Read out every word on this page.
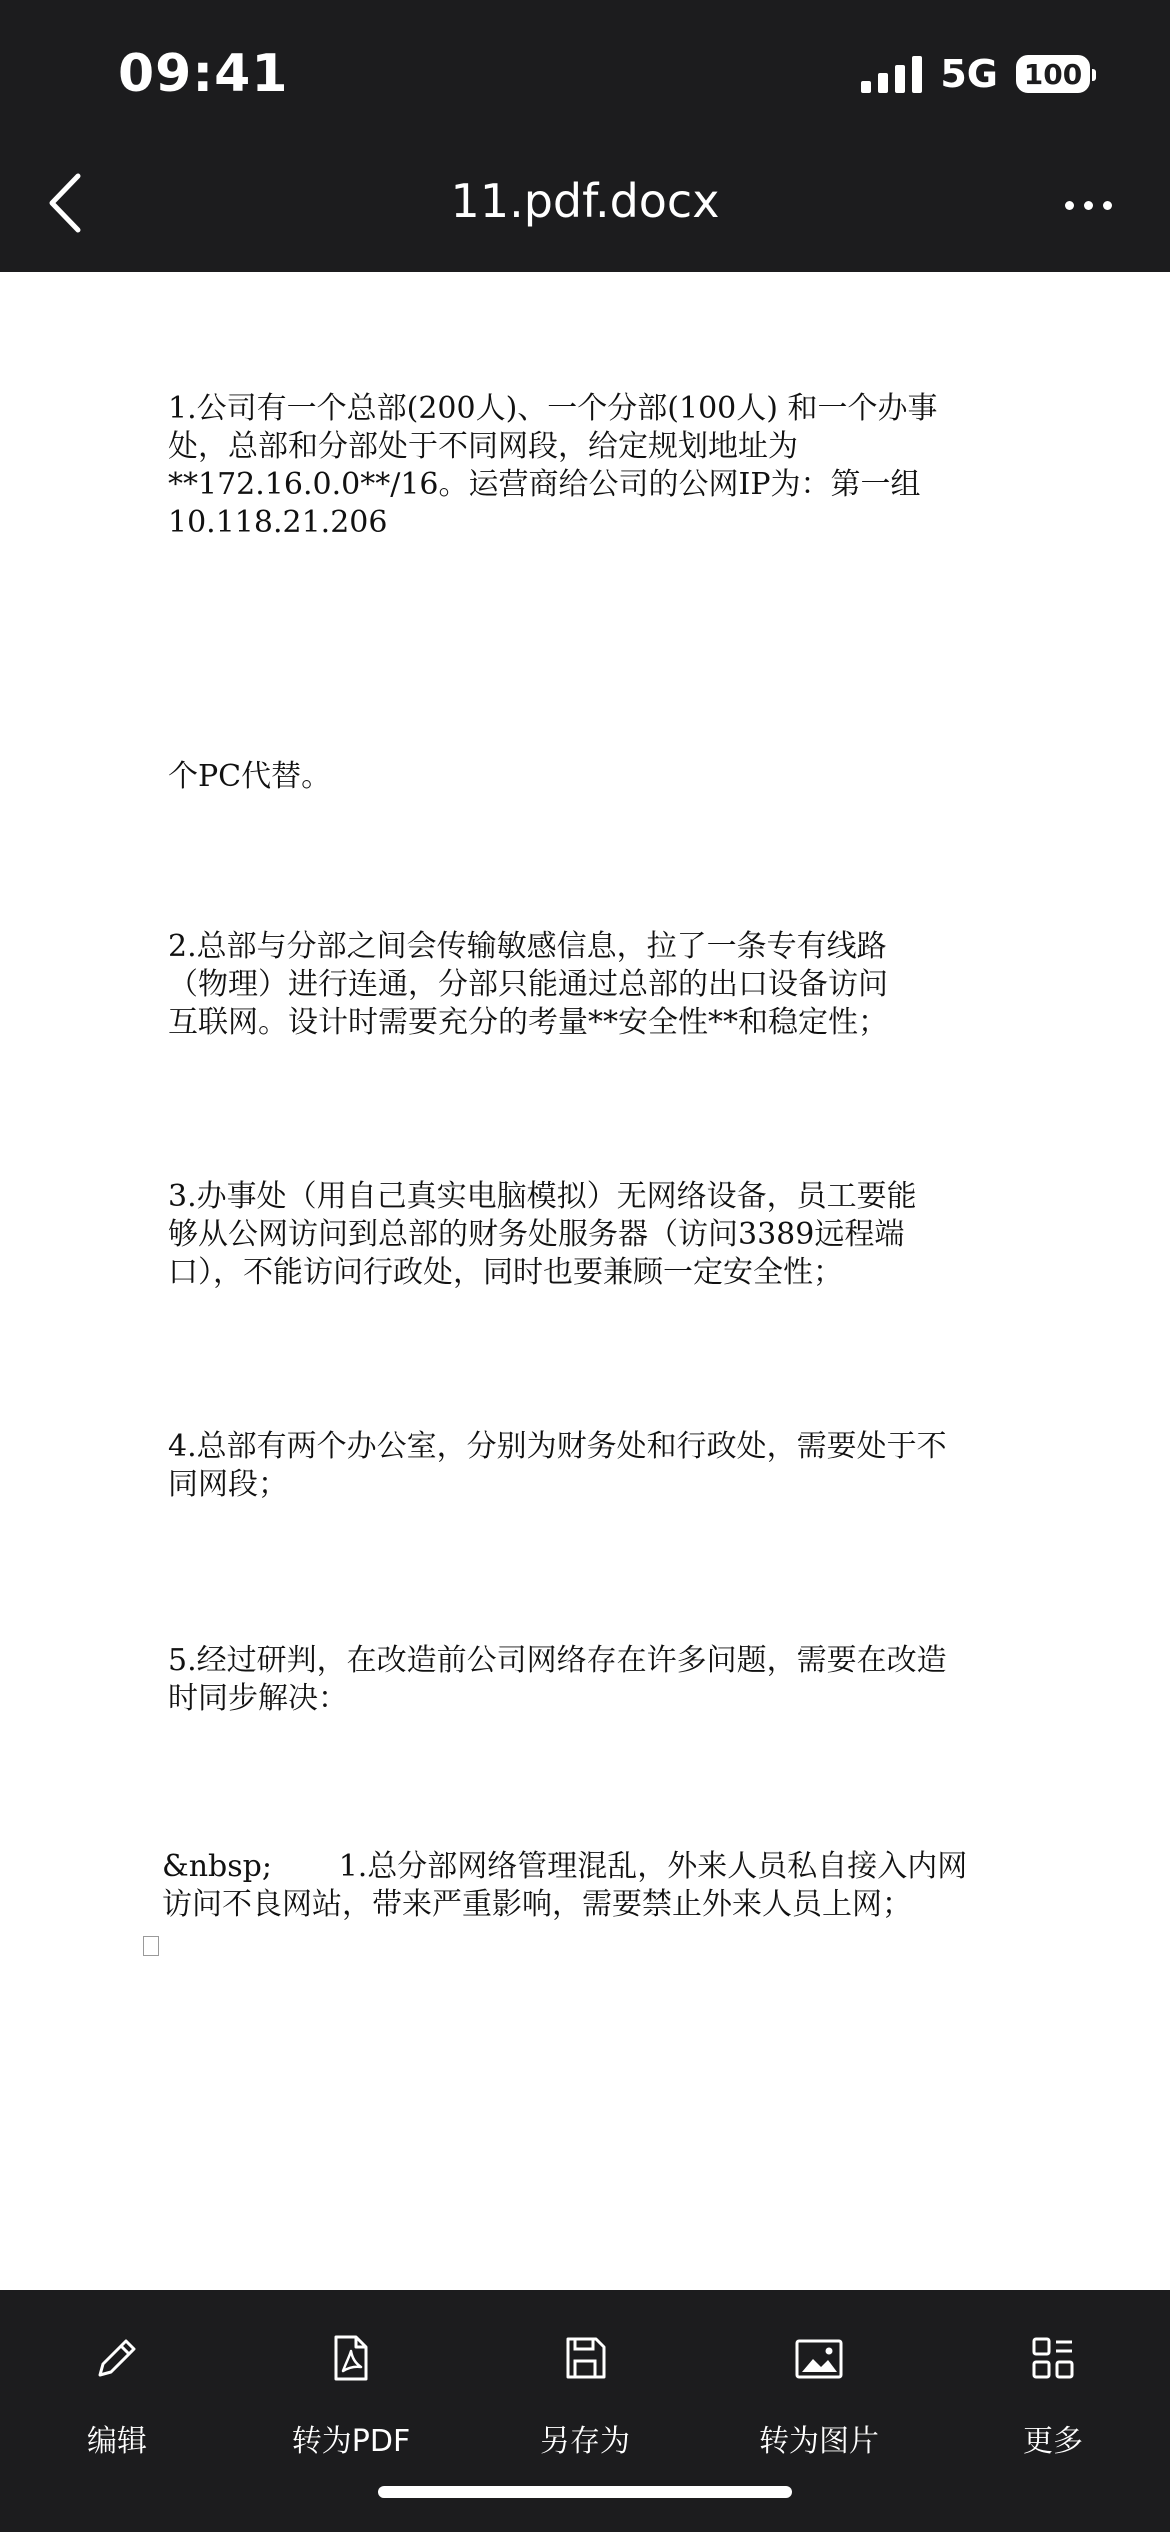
09:41	5G 100
11.pdf.docx

1.公司有一个总部(200人)、一个分部(100人) 和一个办事
处，总部和分部处于不同网段，给定规划地址为
**172.16.0.0**/16。运营商给公司的公网IP为：第一组
10.118.21.206

个PC代替。

2.总部与分部之间会传输敏感信息，拉了一条专有线路
（物理）进行连通，分部只能通过总部的出口设备访问
互联网。设计时需要充分的考量**安全性**和稳定性；

3.办事处（用自己真实电脑模拟）无网络设备，员工要能
够从公网访问到总部的财务处服务器（访问3389远程端
口），不能访问行政处，同时也要兼顾一定安全性；

4.总部有两个办公室，分别为财务处和行政处，需要处于不
同网段；

5.经过研判，在改造前公司网络存在许多问题，需要在改造
时同步解决：

&nbsp;       1.总分部网络管理混乱，外来人员私自接入内网
访问不良网站，带来严重影响，需要禁止外来人员上网；

编辑	转为PDF	另存为	转为图片	更多
